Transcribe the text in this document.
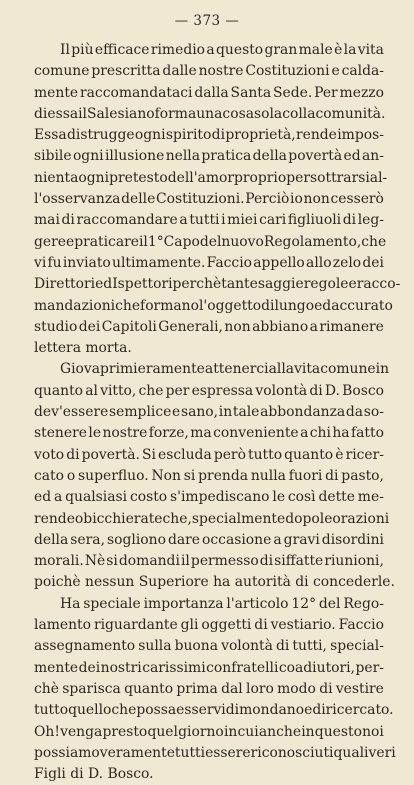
— 373 —
Il più efficace rimedio a questo gran male è la vita
comune prescritta dalle nostre Costituzioni e calda-
mente raccomandataci dalla Santa Sede. Per mezzo
di essa il Salesiano forma una cosa sola colla comunità.
Essa distrugge ogni spirito di proprietà, rende impos-
sibile ogni illusione nella pratica della povertà ed an-
nienta ogni pretesto dell'amor proprio per sottrarsi al-
l'osservanza delle Costituzioni. Perciò io non cesserò
mai di raccomandare a tutti i miei cari figliuoli di leg-
gere e praticare il 1° Capo del nuovo Regolamento, che
vi fu inviato ultimamente. Faccio appello allo zelo dei
Direttori ed Ispettori perchè tante saggie regole e racco-
mandazioni che formano l'oggetto di lungo ed accurato
studio dei Capitoli Generali, non abbiano a rimanere
lettera morta.
Giova primieramente attenerci alla vita comune in
quanto al vitto, che per espressa volontà di D. Bosco
dev'essere semplice e sano, in tale abbondanza da so-
stenere le nostre forze, ma conveniente a chi ha fatto
voto di povertà. Si escluda però tutto quanto è ricer-
cato o superfluo. Non si prenda nulla fuori di pasto,
ed a qualsiasi costo s'impediscano le così dette me-
rende o bicchierate che, specialmente dopo le orazioni
della sera, sogliono dare occasione a gravi disordini
morali. Nè si domandi il permesso di siffatte riunioni,
poichè nessun Superiore ha autorità di concederle.
Ha speciale importanza l'articolo 12° del Rego-
lamento riguardante gli oggetti di vestiario. Faccio
assegnamento sulla buona volontà di tutti, special-
mente dei nostri carissimi confratelli coadiutori, per-
chè sparisca quanto prima dal loro modo di vestire
tutto quello che possa esservi di mondano e di ricercato.
Oh! venga presto quel giorno in cui anche in questo noi
possiamo veramente tutti essere riconosciuti quali veri
Figli di D. Bosco.
